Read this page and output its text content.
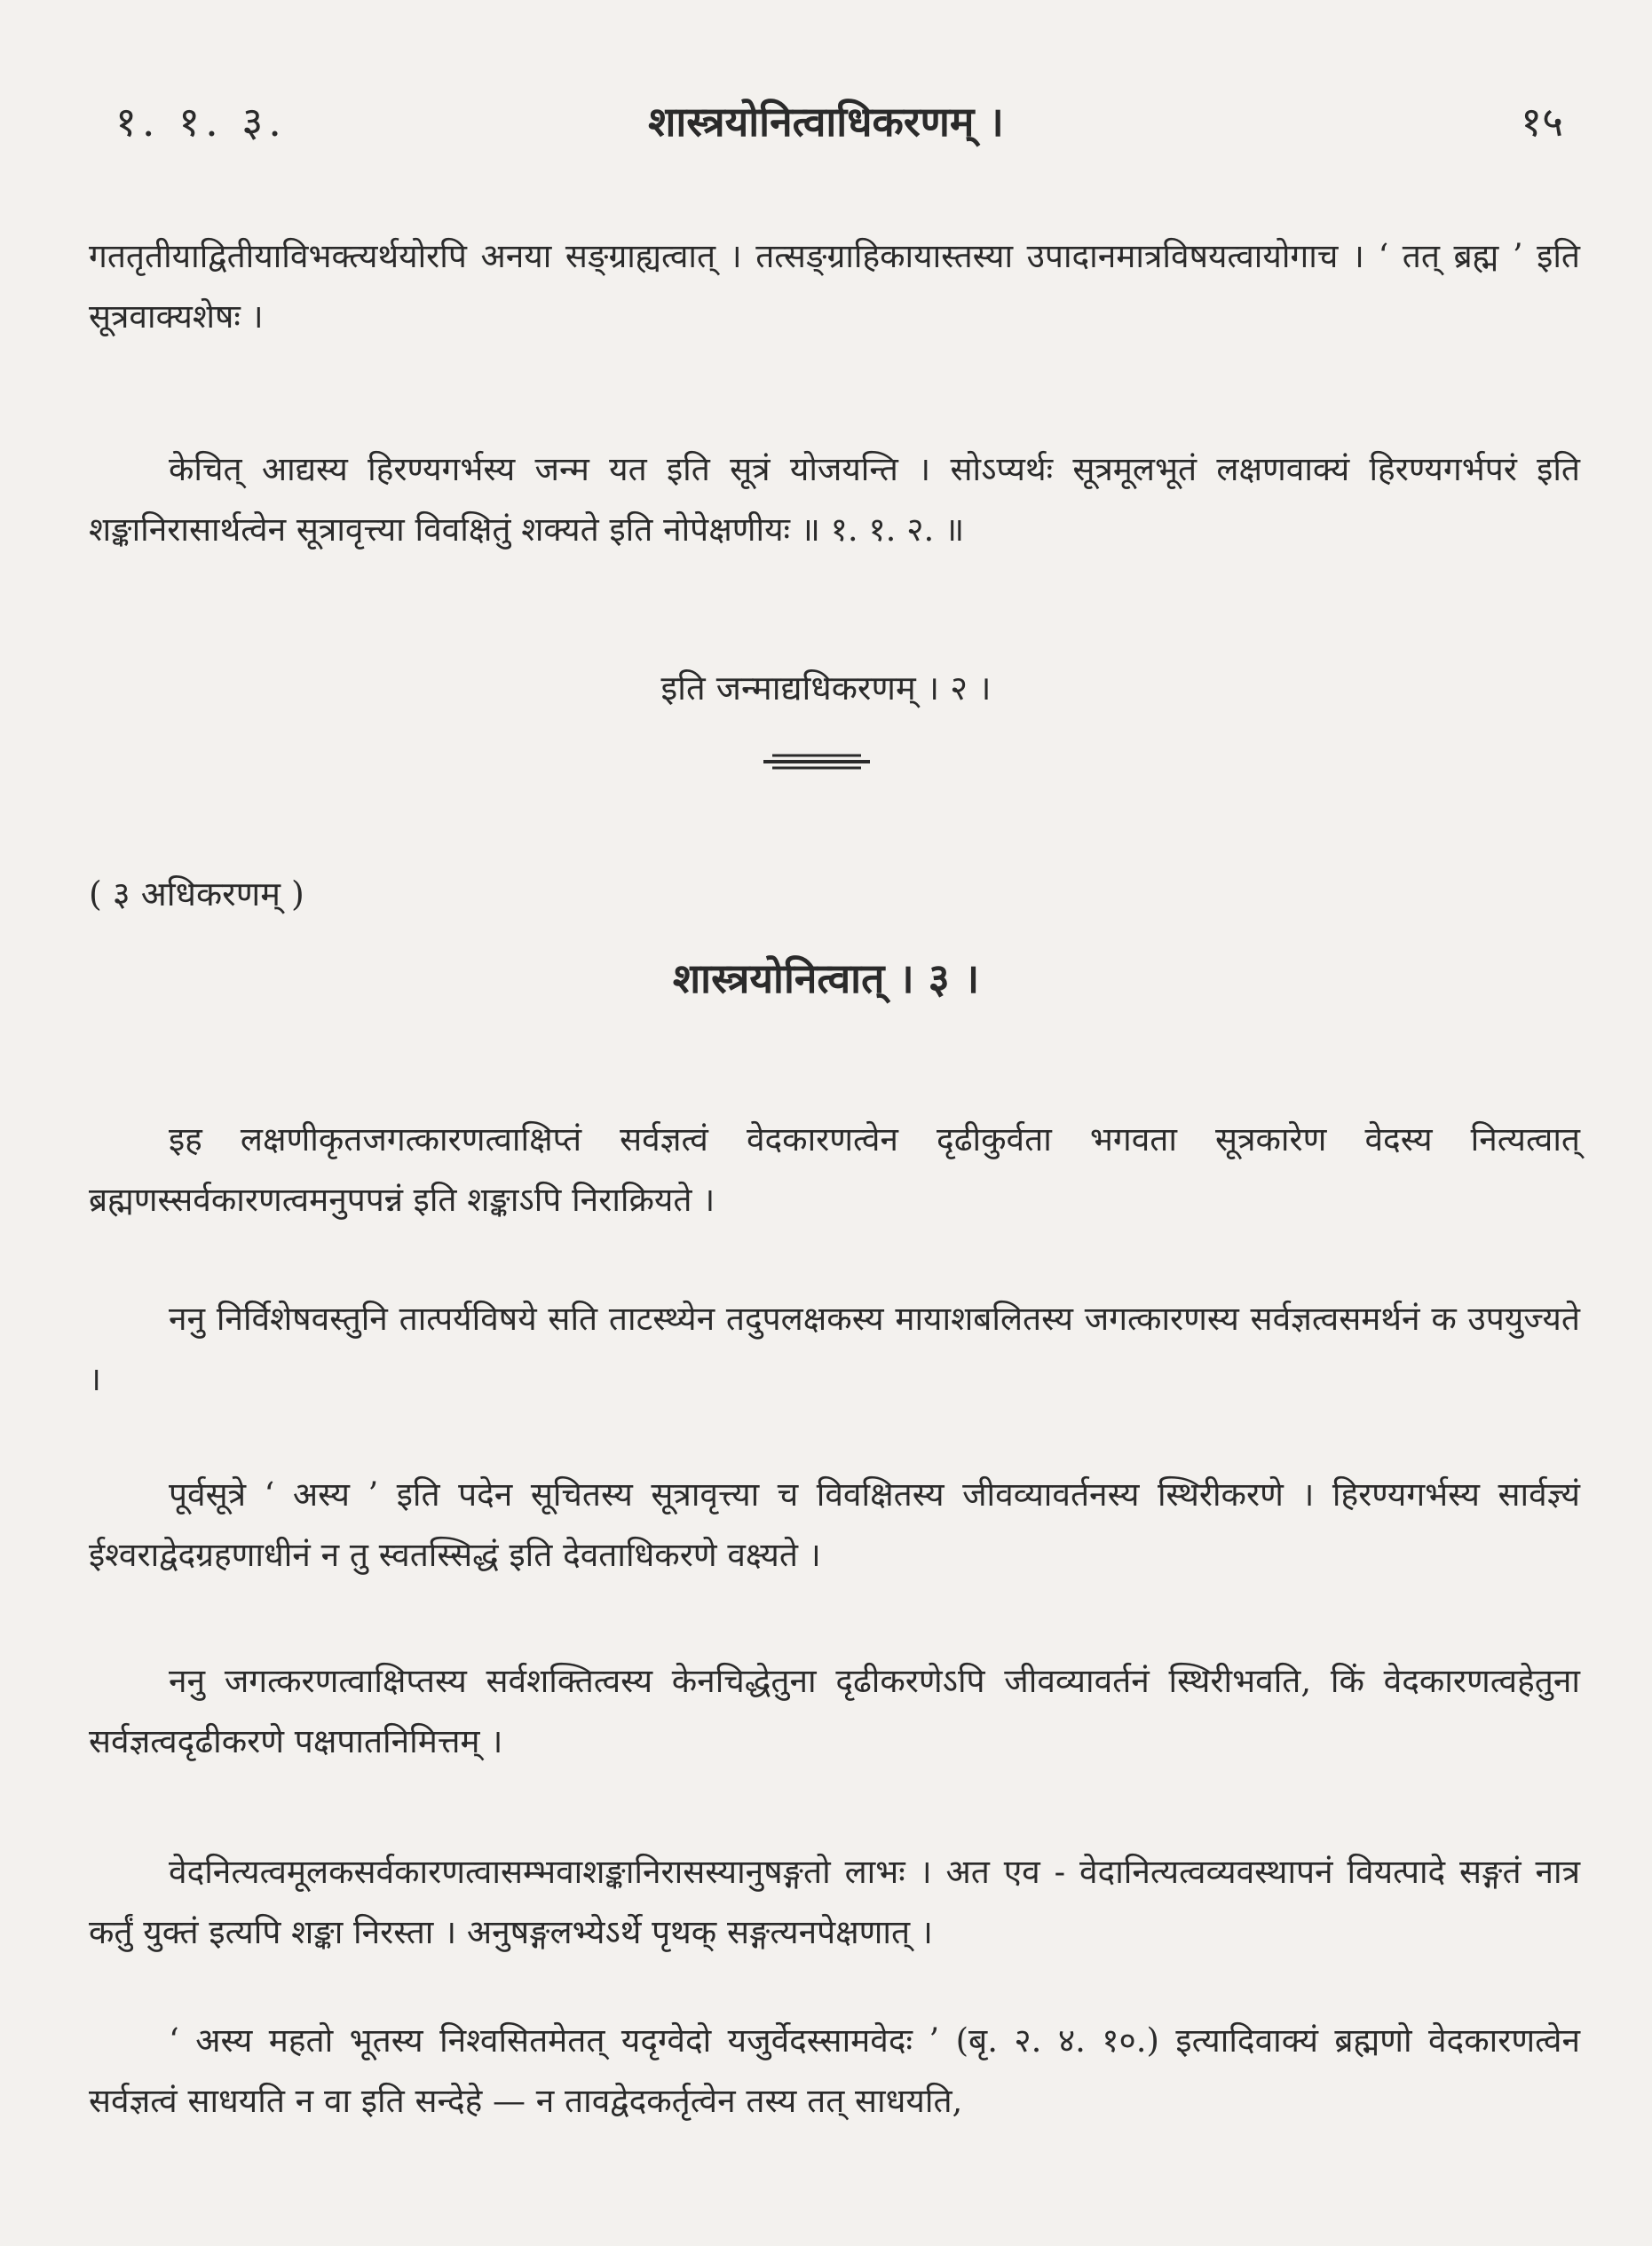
१. १. ३.	शास्त्रयोनित्वाधिकरणम् ।	१५

गततृतीयाद्वितीयाविभक्त्यर्थयोरपि अनया सङ्ग्राह्यत्वात् । तत्सङ्ग्राहिकायास्तस्या उपादानमात्रविषयत्वायोगाच । ‘ तत् ब्रह्म ’ इति सूत्रवाक्यशेषः ।

केचित् आद्यस्य हिरण्यगर्भस्य जन्म यत इति सूत्रं योजयन्ति । सोऽप्यर्थः सूत्रमूलभूतं लक्षणवाक्यं हिरण्यगर्भपरं इति शङ्कानिरासार्थत्वेन सूत्रावृत्त्या विवक्षितुं शक्यते इति नोपेक्षणीयः ॥ १. १. २. ॥

इति जन्माद्यधिकरणम् । २ ।

( ३ अधिकरणम् )

शास्त्रयोनित्वात् । ३ ।

इह लक्षणीकृतजगत्कारणत्वाक्षिप्तं सर्वज्ञत्वं वेदकारणत्वेन दृढीकुर्वता भगवता सूत्रकारेण वेदस्य नित्यत्वात् ब्रह्मणस्सर्वकारणत्वमनुपपन्नं इति शङ्काऽपि निराक्रियते ।

ननु निर्विशेषवस्तुनि तात्पर्यविषये सति ताटस्थ्येन तदुपलक्षकस्य मायाशबलितस्य जगत्कारणस्य सर्वज्ञत्वसमर्थनं क उपयुज्यते ।

पूर्वसूत्रे ‘ अस्य ’ इति पदेन सूचितस्य सूत्रावृत्त्या च विवक्षितस्य जीवव्यावर्तनस्य स्थिरीकरणे । हिरण्यगर्भस्य सार्वज्ञ्यं ईश्वराद्वेदग्रहणाधीनं न तु स्वतस्सिद्धं इति देवताधिकरणे वक्ष्यते ।

ननु जगत्करणत्वाक्षिप्तस्य सर्वशक्तित्वस्य केनचिद्धेतुना दृढीकरणेऽपि जीवव्यावर्तनं स्थिरीभवति, किं वेदकारणत्वहेतुना सर्वज्ञत्वदृढीकरणे पक्षपातनिमित्तम् ।

वेदनित्यत्वमूलकसर्वकारणत्वासम्भवाशङ्कानिरासस्यानुषङ्गतो लाभः । अत एव - वेदानित्यत्वव्यवस्थापनं वियत्पादे सङ्गतं नात्र कर्तुं युक्तं इत्यपि शङ्का निरस्ता । अनुषङ्गलभ्येऽर्थे पृथक् सङ्गत्यनपेक्षणात् ।

‘ अस्य महतो भूतस्य निश्वसितमेतत् यदृग्वेदो यजुर्वेदस्सामवेदः ’ (बृ. २. ४. १०.) इत्यादिवाक्यं ब्रह्मणो वेदकारणत्वेन सर्वज्ञत्वं साधयति न वा इति सन्देहे — न तावद्वेदकर्तृत्वेन तस्य तत् साधयति,
